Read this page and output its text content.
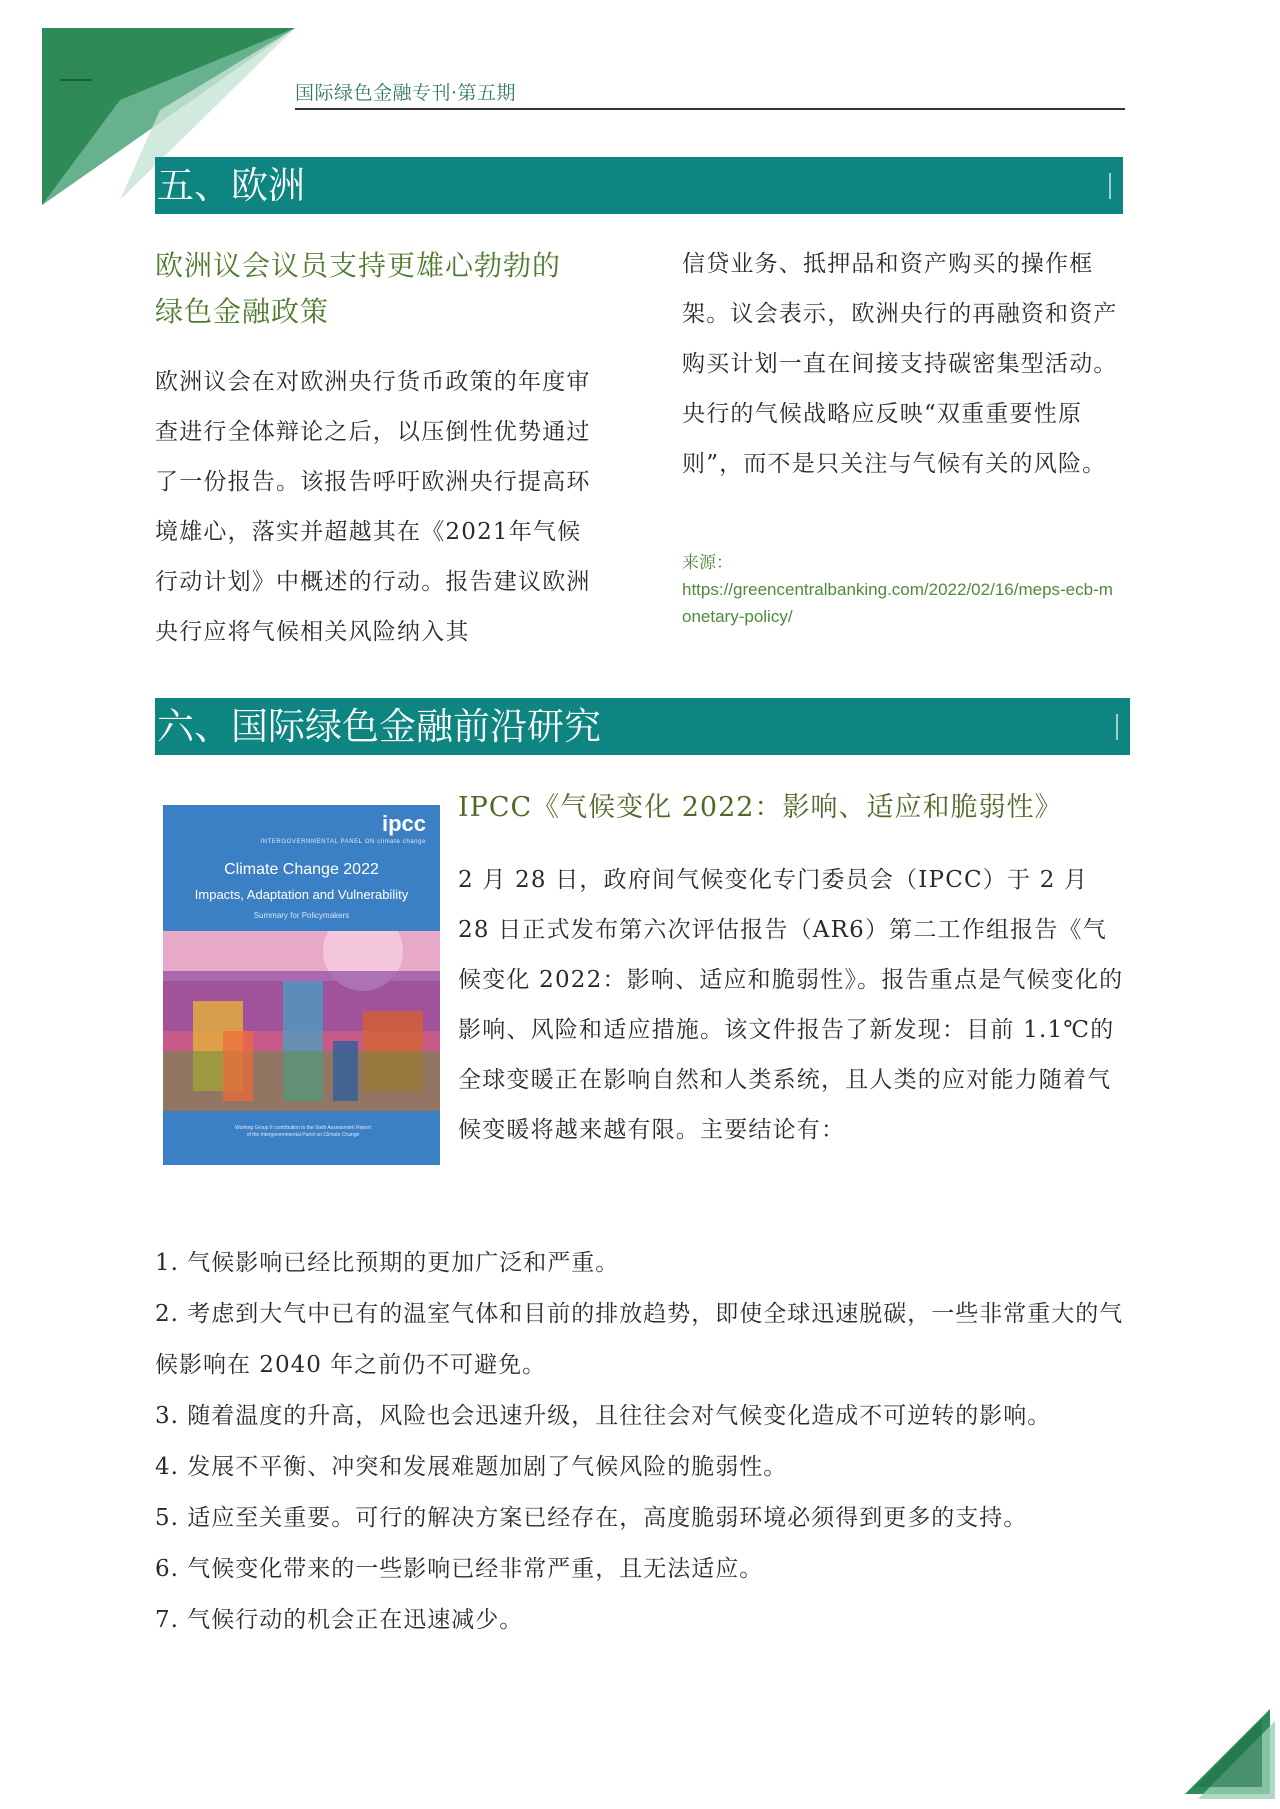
国际绿色金融专刊·第五期
五、欧洲
欧洲议会议员支持更雄心勃勃的
绿色金融政策

欧洲议会在对欧洲央行货币政策的年度审查进行全体辩论之后，以压倒性优势通过了一份报告。该报告呼吁欧洲央行提高环境雄心，落实并超越其在《2021年气候行动计划》中概述的行动。报告建议欧洲央行应将气候相关风险纳入其

信贷业务、抵押品和资产购买的操作框架。议会表示，欧洲央行的再融资和资产购买计划一直在间接支持碳密集型活动。央行的气候战略应反映“双重重要性原则”，而不是只关注与气候有关的风险。

来源：
https://greencentralbanking.com/2022/02/16/meps-ecb-monetary-policy/
六、国际绿色金融前沿研究
ipcc
INTERGOVERNMENTAL PANEL ON climate change
Climate Change 2022
Impacts, Adaptation and Vulnerability
Summary for Policymakers
Working Group II contribution to the Sixth Assessment Report of the Intergovernmental Panel on Climate Change
IPCC《气候变化 2022：影响、适应和脆弱性》

2 月 28 日，政府间气候变化专门委员会（IPCC）于 2 月 28 日正式发布第六次评估报告（AR6）第二工作组报告《气候变化 2022：影响、适应和脆弱性》。报告重点是气候变化的影响、风险和适应措施。该文件报告了新发现：目前 1.1℃的全球变暖正在影响自然和人类系统，且人类的应对能力随着气候变暖将越来越有限。主要结论有：

1. 气候影响已经比预期的更加广泛和严重。
2. 考虑到大气中已有的温室气体和目前的排放趋势，即使全球迅速脱碳，一些非常重大的气候影响在 2040 年之前仍不可避免。
3. 随着温度的升高，风险也会迅速升级，且往往会对气候变化造成不可逆转的影响。
4. 发展不平衡、冲突和发展难题加剧了气候风险的脆弱性。
5. 适应至关重要。可行的解决方案已经存在，高度脆弱环境必须得到更多的支持。
6. 气候变化带来的一些影响已经非常严重，且无法适应。
7. 气候行动的机会正在迅速减少。
